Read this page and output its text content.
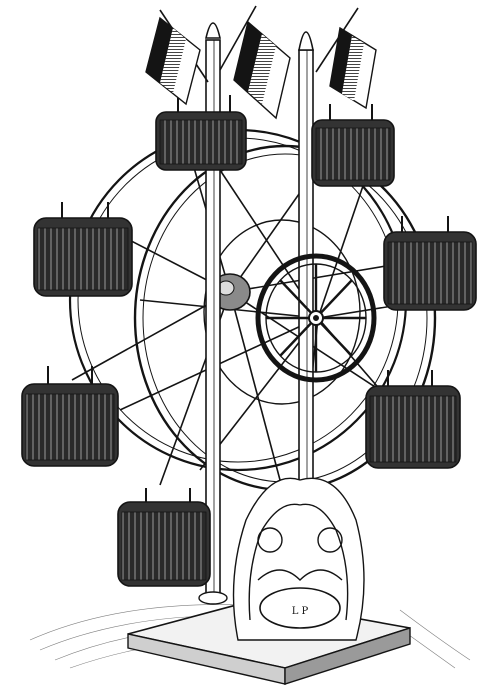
L P
